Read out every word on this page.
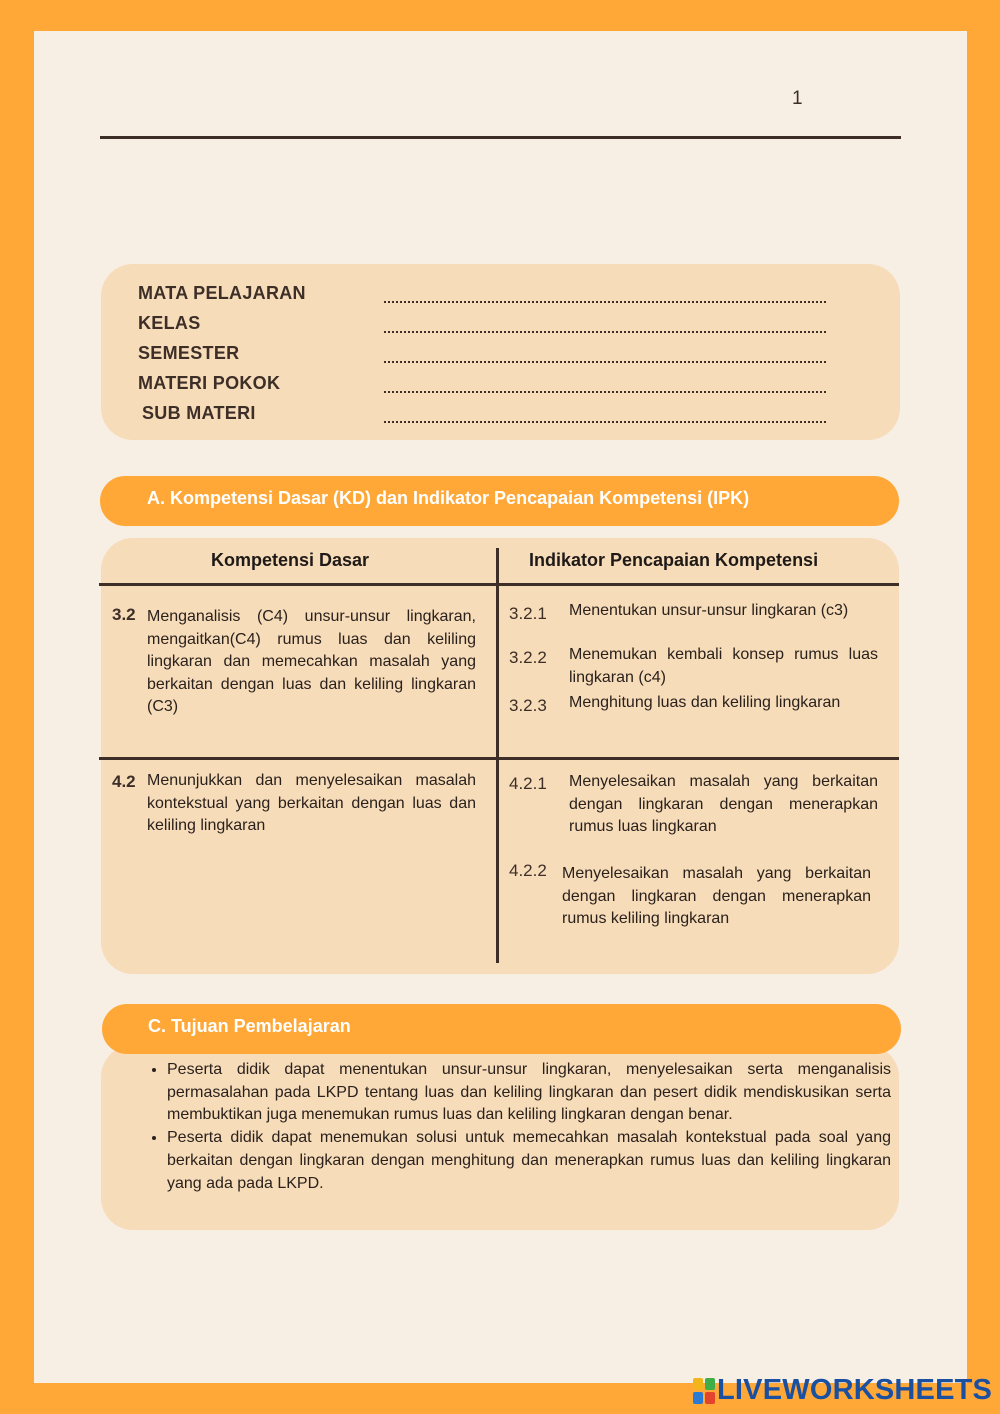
1
MATA PELAJARAN
KELAS
SEMESTER
MATERI POKOK
SUB MATERI
A. Kompetensi Dasar (KD) dan Indikator Pencapaian Kompetensi (IPK)
Kompetensi Dasar	Indikator Pencapaian Kompetensi
3.2 Menganalisis (C4) unsur-unsur lingkaran, mengaitkan(C4) rumus luas dan keliling lingkaran dan memecahkan masalah yang berkaitan dengan luas dan keliling lingkaran (C3)
3.2.1 Menentukan unsur-unsur lingkaran (c3)
3.2.2 Menemukan kembali konsep rumus luas lingkaran (c4)
3.2.3 Menghitung luas dan keliling lingkaran
4.2 Menunjukkan dan menyelesaikan masalah kontekstual yang berkaitan dengan luas dan keliling lingkaran
4.2.1 Menyelesaikan masalah yang berkaitan dengan lingkaran dengan menerapkan rumus luas lingkaran
4.2.2 Menyelesaikan masalah yang berkaitan dengan lingkaran dengan menerapkan rumus keliling lingkaran
• Peserta didik dapat menentukan unsur-unsur lingkaran, menyelesaikan serta menganalisis permasalahan pada LKPD tentang luas dan keliling lingkaran dan pesert didik mendiskusikan serta membuktikan juga menemukan rumus luas dan keliling lingkaran dengan benar.
• Peserta didik dapat menemukan solusi untuk memecahkan masalah kontekstual pada soal yang berkaitan dengan lingkaran dengan menghitung dan menerapkan rumus luas dan keliling lingkaran yang ada pada LKPD.
C. Tujuan Pembelajaran
LIVEWORKSHEETS
